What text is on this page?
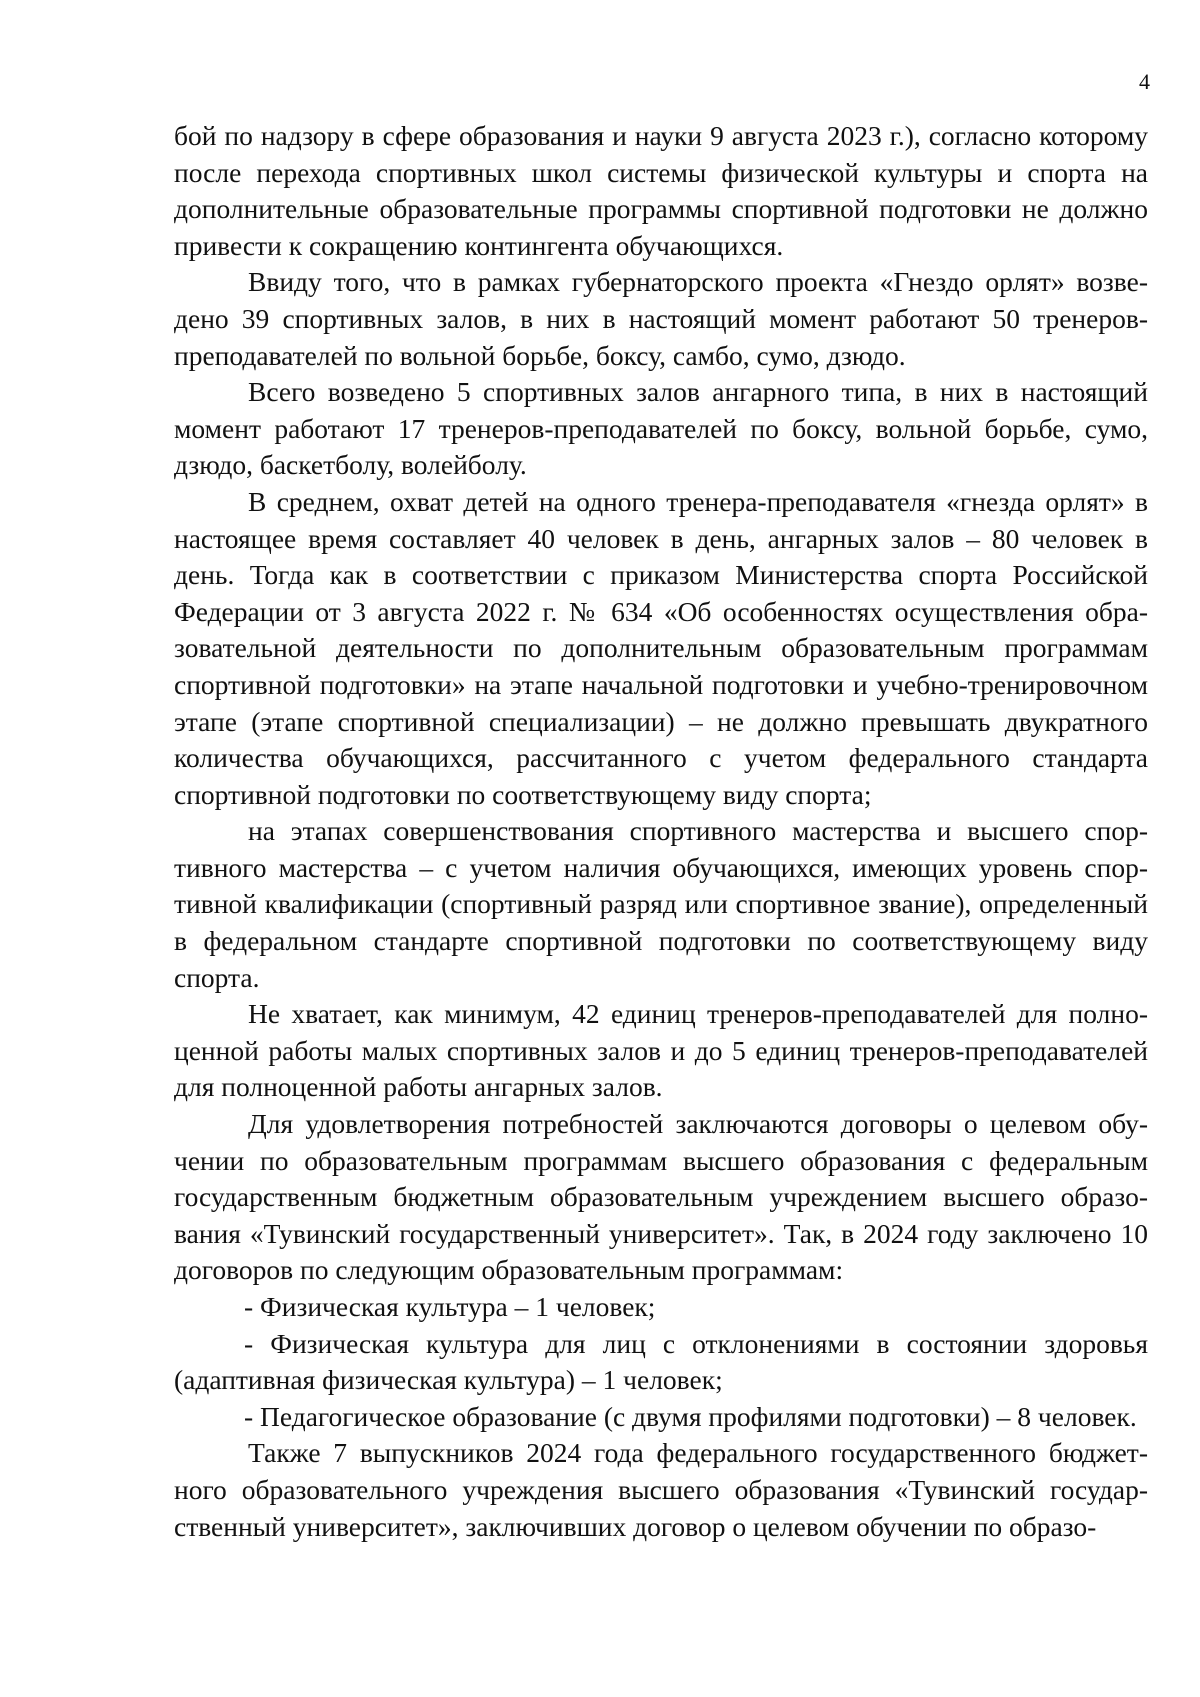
4

бой по надзору в сфере образования и науки 9 августа 2023 г.), согласно которому после перехода спортивных школ системы физической культуры и спорта на дополнительные образовательные программы спортивной подготовки не должно привести к сокращению контингента обучающихся.

Ввиду того, что в рамках губернаторского проекта «Гнездо орлят» возведено 39 спортивных залов, в них в настоящий момент работают 50 тренеров-преподавателей по вольной борьбе, боксу, самбо, сумо, дзюдо.

Всего возведено 5 спортивных залов ангарного типа, в них в настоящий момент работают 17 тренеров-преподавателей по боксу, вольной борьбе, сумо, дзюдо, баскетболу, волейболу.

В среднем, охват детей на одного тренера-преподавателя «гнезда орлят» в настоящее время составляет 40 человек в день, ангарных залов – 80 человек в день. Тогда как в соответствии с приказом Министерства спорта Российской Федерации от 3 августа 2022 г. № 634 «Об особенностях осуществления образовательной деятельности по дополнительным образовательным программам спортивной подготовки» на этапе начальной подготовки и учебно-тренировочном этапе (этапе спортивной специализации) – не должно превышать двукратного количества обучающихся, рассчитанного с учетом федерального стандарта спортивной подготовки по соответствующему виду спорта;

на этапах совершенствования спортивного мастерства и высшего спортивного мастерства – с учетом наличия обучающихся, имеющих уровень спортивной квалификации (спортивный разряд или спортивное звание), определенный в федеральном стандарте спортивной подготовки по соответствующему виду спорта.

Не хватает, как минимум, 42 единиц тренеров-преподавателей для полноценной работы малых спортивных залов и до 5 единиц тренеров-преподавателей для полноценной работы ангарных залов.

Для удовлетворения потребностей заключаются договоры о целевом обучении по образовательным программам высшего образования с федеральным государственным бюджетным образовательным учреждением высшего образования «Тувинский государственный университет». Так, в 2024 году заключено 10 договоров по следующим образовательным программам:

- Физическая культура – 1 человек;

- Физическая культура для лиц с отклонениями в состоянии здоровья (адаптивная физическая культура) – 1 человек;

- Педагогическое образование (с двумя профилями подготовки) – 8 человек.

Также 7 выпускников 2024 года федерального государственного бюджетного образовательного учреждения высшего образования «Тувинский государственный университет», заключивших договор о целевом обучении по образо-
